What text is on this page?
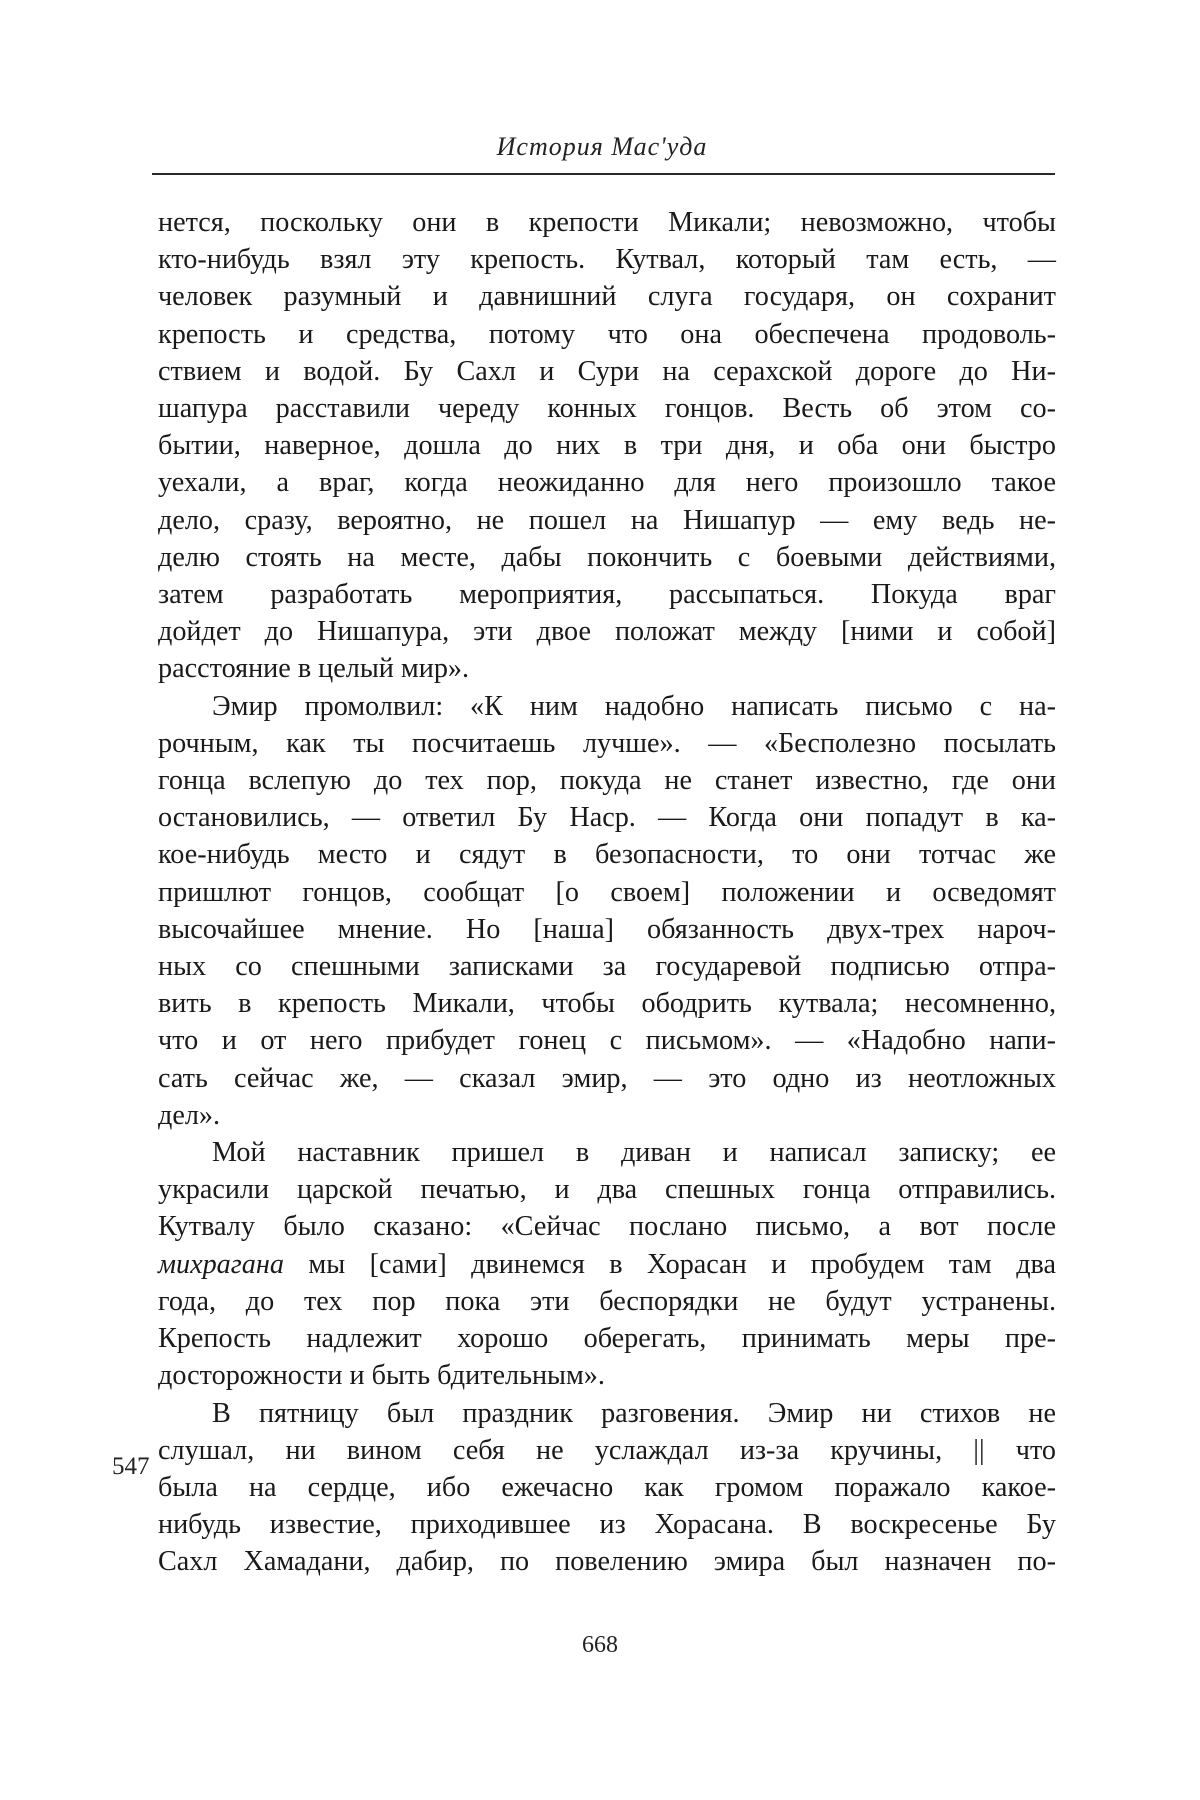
История Мас'уда
нется, поскольку они в крепости Микали; невозможно, чтобы
кто-нибудь взял эту крепость. Кутвал, который там есть, —
человек разумный и давнишний слуга государя, он сохранит
крепость и средства, потому что она обеспечена продоволь-
ствием и водой. Бу Сахл и Сури на серахской дороге до Ни-
шапура расставили череду конных гонцов. Весть об этом со-
бытии, наверное, дошла до них в три дня, и оба они быстро
уехали, а враг, когда неожиданно для него произошло такое
дело, сразу, вероятно, не пошел на Нишапур — ему ведь не-
делю стоять на месте, дабы покончить с боевыми действиями,
затем разработать мероприятия, рассыпаться. Покуда враг
дойдет до Нишапура, эти двое положат между [ними и собой]
расстояние в целый мир».
Эмир промолвил: «К ним надобно написать письмо с на-
рочным, как ты посчитаешь лучше». — «Бесполезно посылать
гонца вслепую до тех пор, покуда не станет известно, где они
остановились, — ответил Бу Наср. — Когда они попадут в ка-
кое-нибудь место и сядут в безопасности, то они тотчас же
пришлют гонцов, сообщат [о своем] положении и осведомят
высочайшее мнение. Но [наша] обязанность двух-трех нароч-
ных со спешными записками за государевой подписью отпра-
вить в крепость Микали, чтобы ободрить кутвала; несомненно,
что и от него прибудет гонец с письмом». — «Надобно напи-
сать сейчас же, — сказал эмир, — это одно из неотложных
дел».
Мой наставник пришел в диван и написал записку; ее
украсили царской печатью, и два спешных гонца отправились.
Кутвалу было сказано: «Сейчас послано письмо, а вот после
михрагана мы [сами] двинемся в Хорасан и пробудем там два
года, до тех пор пока эти беспорядки не будут устранены.
Крепость надлежит хорошо оберегать, принимать меры пре-
досторожности и быть бдительным».
В пятницу был праздник разговения. Эмир ни стихов не
слушал, ни вином себя не услаждал из-за кручины, || что
была на сердце, ибо ежечасно как громом поражало какое-
нибудь известие, приходившее из Хорасана. В воскресенье Бу
Сахл Хамадани, дабир, по повелению эмира был назначен по-
547
668
